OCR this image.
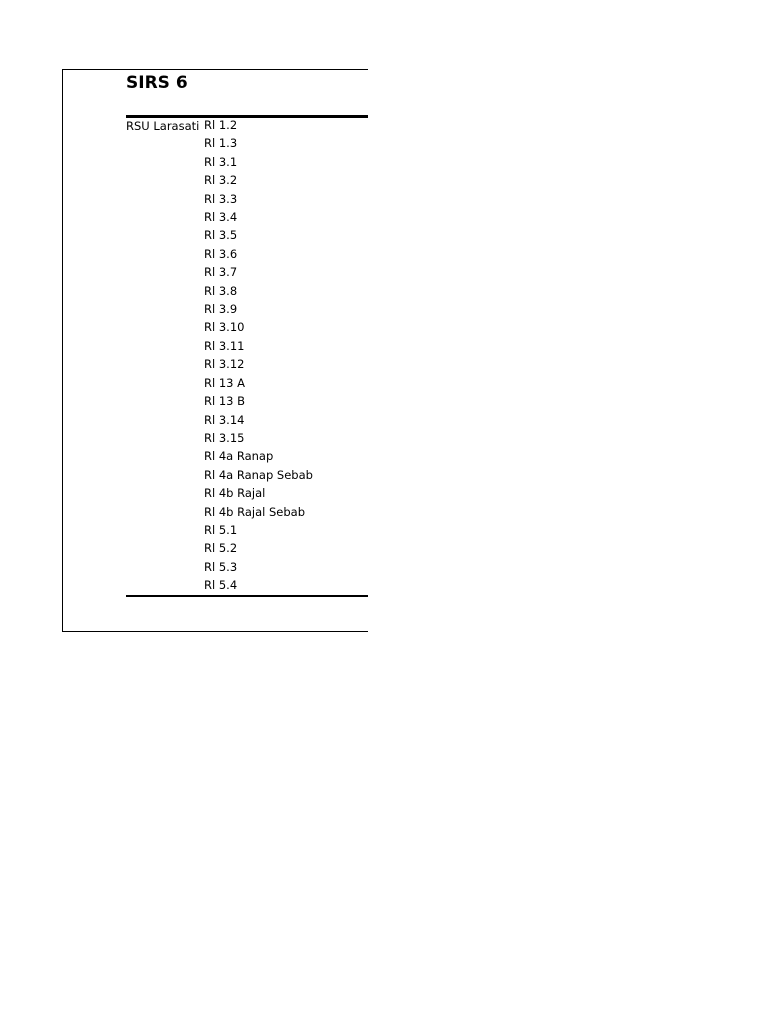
SIRS 6
RSU Larasati Rl 1.2
Rl 1.3
Rl 3.1
Rl 3.2
Rl 3.3
Rl 3.4
Rl 3.5
Rl 3.6
Rl 3.7
Rl 3.8
Rl 3.9
Rl 3.10
Rl 3.11
Rl 3.12
Rl 13 A
Rl 13 B
Rl 3.14
Rl 3.15
Rl 4a Ranap
Rl 4a Ranap Sebab
Rl 4b Rajal
Rl 4b Rajal Sebab
Rl 5.1
Rl 5.2
Rl 5.3
Rl 5.4
